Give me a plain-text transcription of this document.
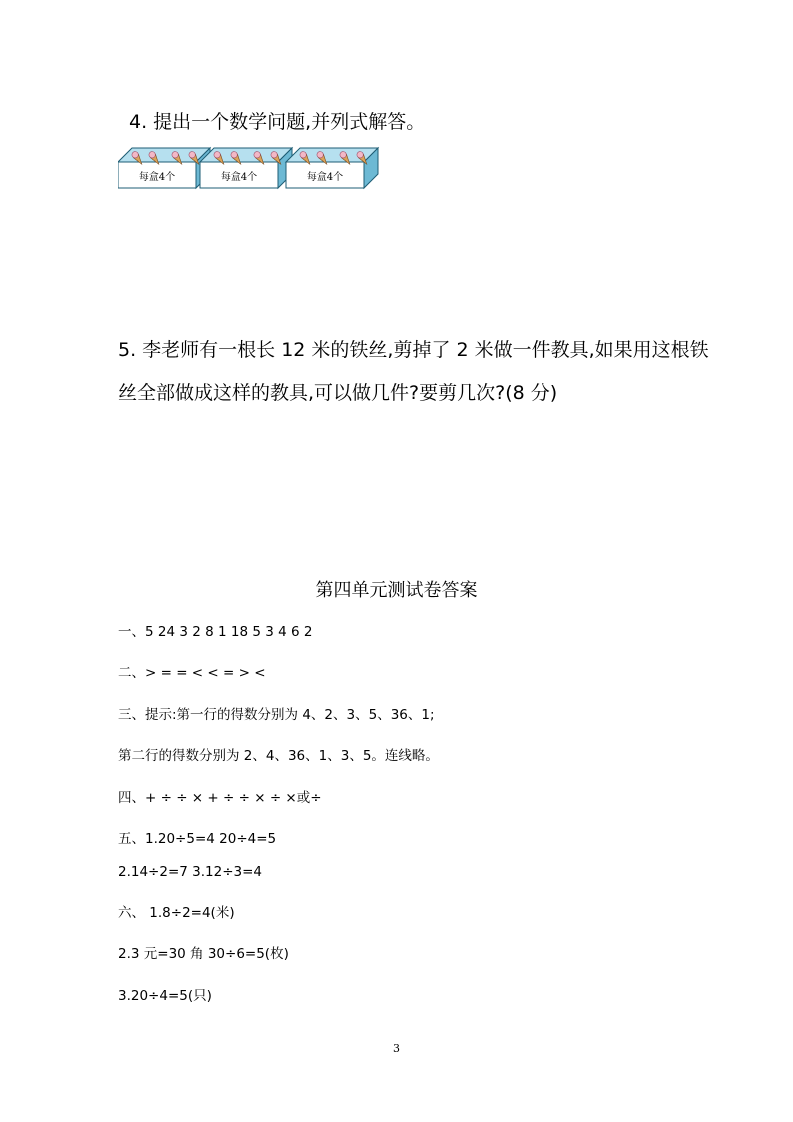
4. 提出一个数学问题,并列式解答。
每盒4个	每盒4个	每盒4个
5. 李老师有一根长 12 米的铁丝,剪掉了 2 米做一件教具,如果用这根铁
丝全部做成这样的教具,可以做几件?要剪几次?(8 分)
第四单元测试卷答案
一、5 24 3 2 8 1 18 5 3 4 6 2
二、> = = < < = > <
三、提示:第一行的得数分别为 4、2、3、5、36、1;
第二行的得数分别为 2、4、36、1、3、5。连线略。
四、+ ÷ ÷ × + ÷ ÷ × ÷ ×或÷
五、1.20÷5=4 20÷4=5
2.14÷2=7 3.12÷3=4
六、 1.8÷2=4(米)
2.3 元=30 角 30÷6=5(枚)
3.20÷4=5(只)
3
